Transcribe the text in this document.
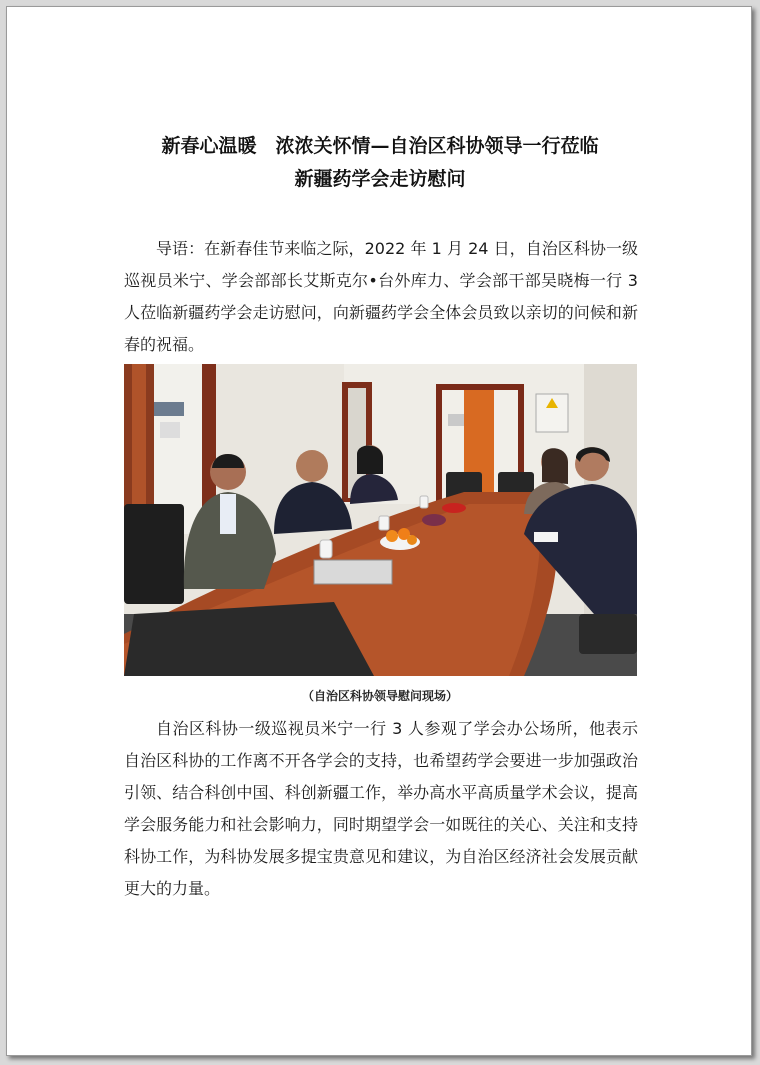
新春心温暖　浓浓关怀情—自治区科协领导一行莅临
新疆药学会走访慰问

导语：在新春佳节来临之际，2022 年 1 月 24 日，自治区科协一级巡视员米宁、学会部部长艾斯克尔•台外库力、学会部干部吴晓梅一行 3 人莅临新疆药学会走访慰问，向新疆药学会全体会员致以亲切的问候和新春的祝福。

（自治区科协领导慰问现场）

自治区科协一级巡视员米宁一行 3 人参观了学会办公场所，他表示自治区科协的工作离不开各学会的支持，也希望药学会要进一步加强政治引领、结合科创中国、科创新疆工作，举办高水平高质量学术会议，提高学会服务能力和社会影响力，同时期望学会一如既往的关心、关注和支持科协工作，为科协发展多提宝贵意见和建议，为自治区经济社会发展贡献更大的力量。
